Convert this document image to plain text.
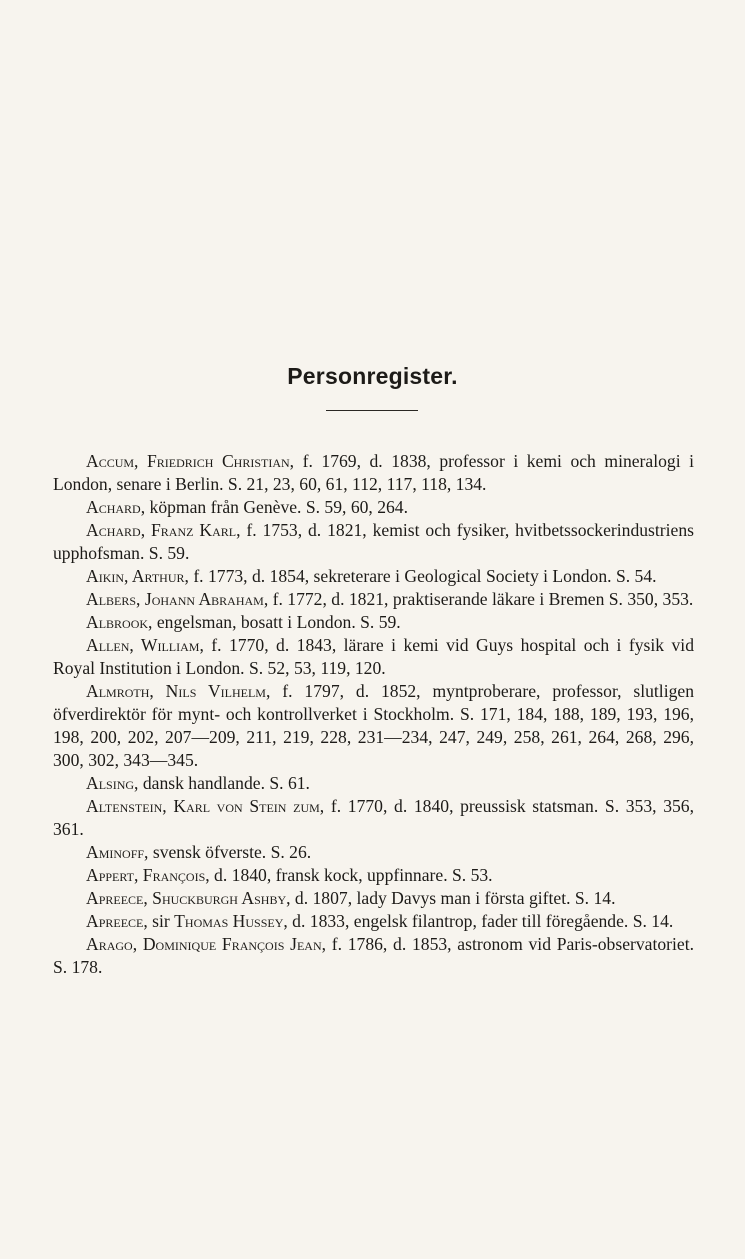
Personregister.

Accum, Friedrich Christian, f. 1769, d. 1838, professor i kemi och mineralogi i London, senare i Berlin. S. 21, 23, 60, 61, 112, 117, 118, 134.

Achard, köpman från Genève. S. 59, 60, 264.

Achard, Franz Karl, f. 1753, d. 1821, kemist och fysiker, hvitbetssockerindustriens upphofsman. S. 59.

Aikin, Arthur, f. 1773, d. 1854, sekreterare i Geological Society i London. S. 54.

Albers, Johann Abraham, f. 1772, d. 1821, praktiserande läkare i Bremen S. 350, 353.

Albrook, engelsman, bosatt i London. S. 59.

Allen, William, f. 1770, d. 1843, lärare i kemi vid Guys hospital och i fysik vid Royal Institution i London. S. 52, 53, 119, 120.

Almroth, Nils Vilhelm, f. 1797, d. 1852, myntproberare, professor, slutligen öfverdirektör för mynt- och kontrollverket i Stockholm. S. 171, 184, 188, 189, 193, 196, 198, 200, 202, 207—209, 211, 219, 228, 231—234, 247, 249, 258, 261, 264, 268, 296, 300, 302, 343—345.

Alsing, dansk handlande. S. 61.

Altenstein, Karl von Stein zum, f. 1770, d. 1840, preussisk statsman. S. 353, 356, 361.

Aminoff, svensk öfverste. S. 26.

Appert, François, d. 1840, fransk kock, uppfinnare. S. 53.

Apreece, Shuckburgh Ashby, d. 1807, lady Davys man i första giftet. S. 14.

Apreece, sir Thomas Hussey, d. 1833, engelsk filantrop, fader till föregående. S. 14.

Arago, Dominique François Jean, f. 1786, d. 1853, astronom vid Paris-observatoriet. S. 178.
